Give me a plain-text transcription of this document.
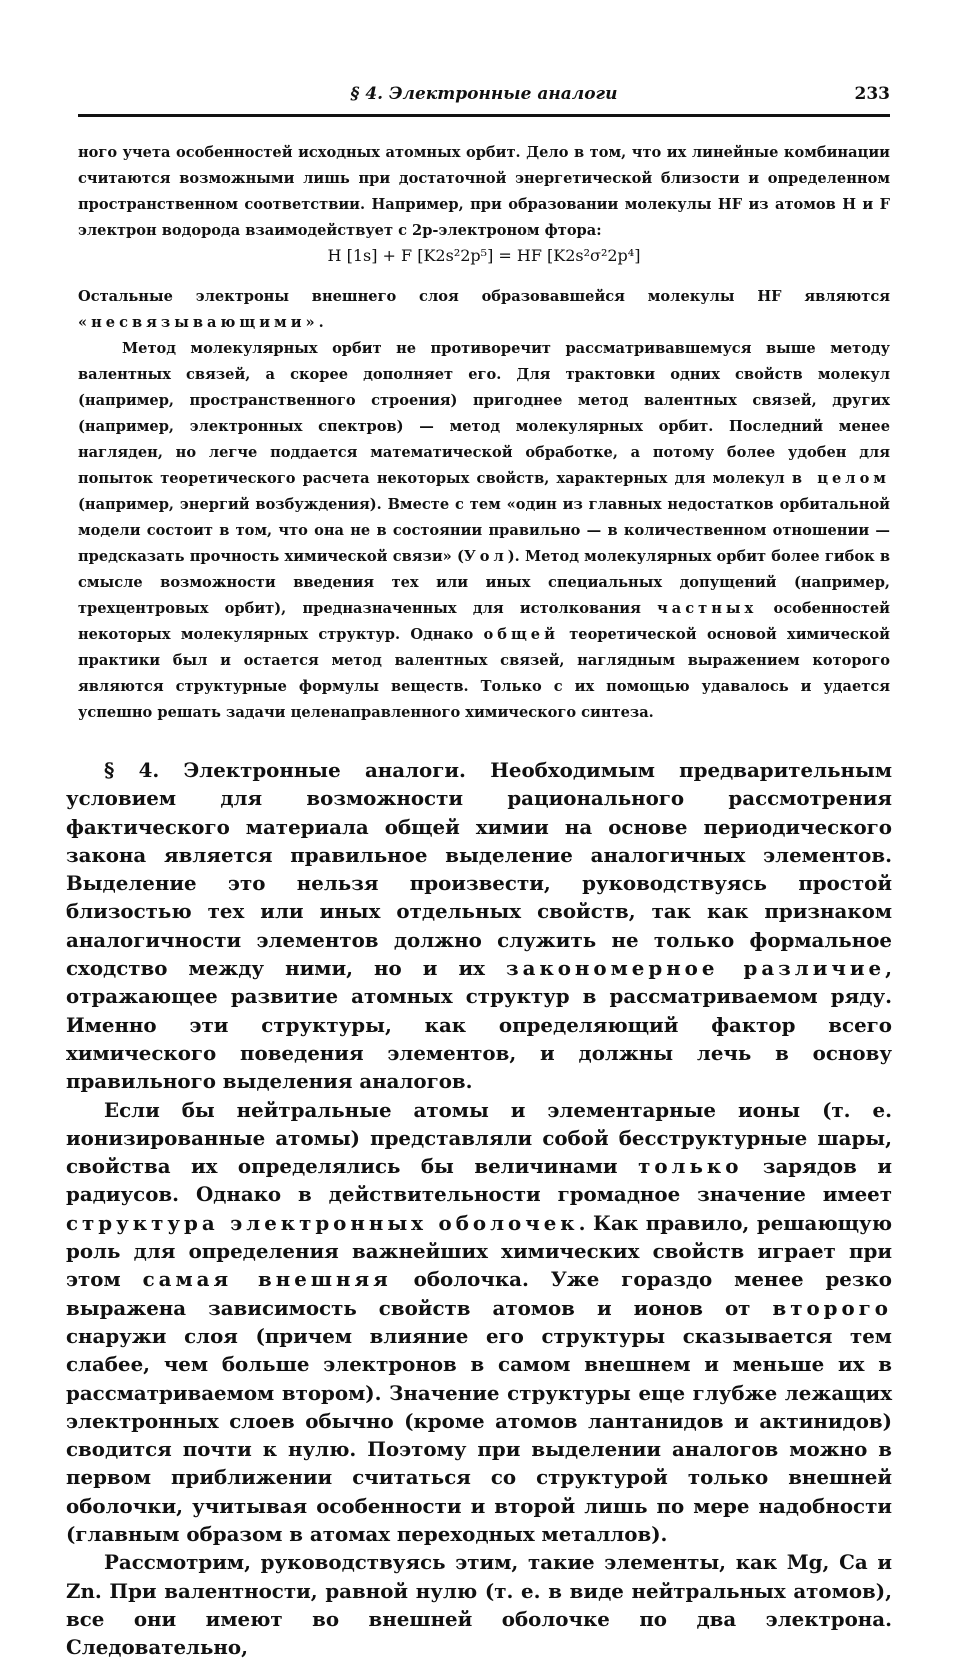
§ 4. Электронные аналоги	233

ного учета особенностей исходных атомных орбит. Дело в том, что их линейные комбинации считаются возможными лишь при достаточной энергетической близости и определенном пространственном соответствии. Например, при образовании молекулы HF из атомов H и F электрон водорода взаимодействует с 2p-электроном фтора:

H [1s] + F [K2s²2p⁵] = HF [K2s²σ²2p⁴]

Остальные электроны внешнего слоя образовавшейся молекулы HF являются «несвязывающими».

Метод молекулярных орбит не противоречит рассматривавшемуся выше методу валентных связей, а скорее дополняет его. Для трактовки одних свойств молекул (например, пространственного строения) пригоднее метод валентных связей, других (например, электронных спектров) — метод молекулярных орбит. Последний менее нагляден, но легче поддается математической обработке, а потому более удобен для попыток теоретического расчета некоторых свойств, характерных для молекул в целом (например, энергий возбуждения). Вместе с тем «один из главных недостатков орбитальной модели состоит в том, что она не в состоянии правильно — в количественном отношении — предсказать прочность химической связи» (Уол). Метод молекулярных орбит более гибок в смысле возможности введения тех или иных специальных допущений (например, трехцентровых орбит), предназначенных для истолкования частных особенностей некоторых молекулярных структур. Однако общей теоретической основой химической практики был и остается метод валентных связей, наглядным выражением которого являются структурные формулы веществ. Только с их помощью удавалось и удается успешно решать задачи целенаправленного химического синтеза.

§ 4. Электронные аналоги. Необходимым предварительным условием для возможности рационального рассмотрения фактического материала общей химии на основе периодического закона является правильное выделение аналогичных элементов. Выделение это нельзя произвести, руководствуясь простой близостью тех или иных отдельных свойств, так как признаком аналогичности элементов должно служить не только формальное сходство между ними, но и их закономерное различие, отражающее развитие атомных структур в рассматриваемом ряду. Именно эти структуры, как определяющий фактор всего химического поведения элементов, и должны лечь в основу правильного выделения аналогов.

Если бы нейтральные атомы и элементарные ионы (т. е. ионизированные атомы) представляли собой бесструктурные шары, свойства их определялись бы величинами только зарядов и радиусов. Однако в действительности громадное значение имеет структура электронных оболочек. Как правило, решающую роль для определения важнейших химических свойств играет при этом самая внешняя оболочка. Уже гораздо менее резко выражена зависимость свойств атомов и ионов от второго снаружи слоя (причем влияние его структуры сказывается тем слабее, чем больше электронов в самом внешнем и меньше их в рассматриваемом втором). Значение структуры еще глубже лежащих электронных слоев обычно (кроме атомов лантанидов и актинидов) сводится почти к нулю. Поэтому при выделении аналогов можно в первом приближении считаться со структурой только внешней оболочки, учитывая особенности и второй лишь по мере надобности (главным образом в атомах переходных металлов).

Рассмотрим, руководствуясь этим, такие элементы, как Mg, Ca и Zn. При валентности, равной нулю (т. е. в виде нейтральных атомов), все они имеют во внешней оболочке по два электрона. Следовательно,
